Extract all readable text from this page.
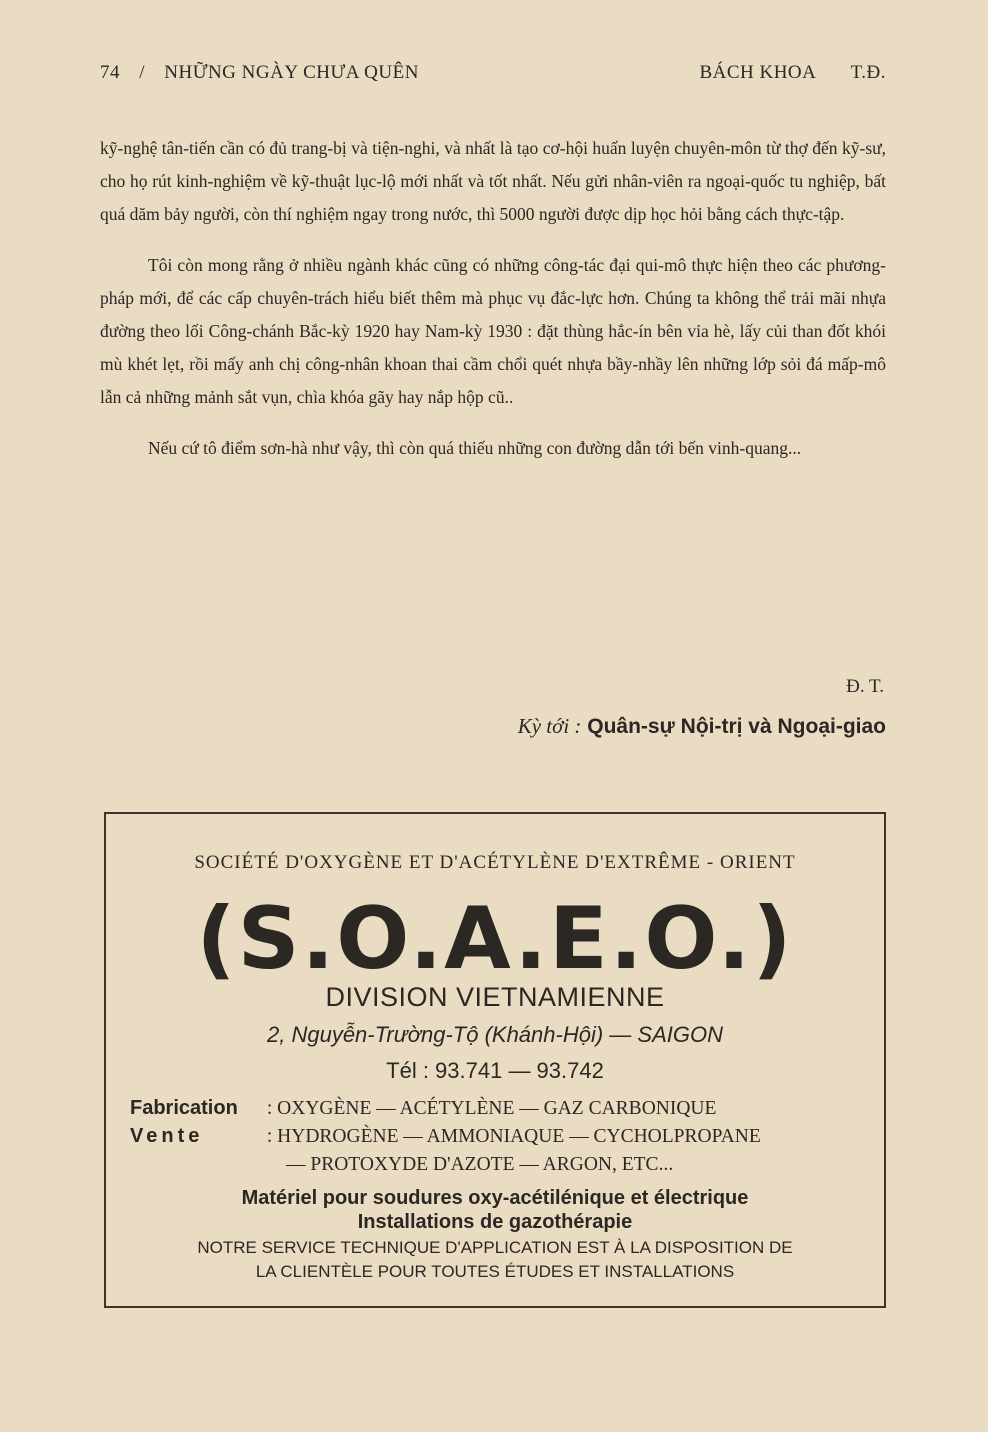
74 / NHỮNG NGÀY CHƯA QUÊN	BÁCH KHOA T.Đ.

kỹ-nghệ tân-tiến cần có đủ trang-bị và tiện-nghi, và nhất là tạo cơ-hội huấn luyện chuyên-môn từ thợ đến kỹ-sư, cho họ rút kinh-nghiệm về kỹ-thuật lục-lộ mới nhất và tốt nhất. Nếu gửi nhân-viên ra ngoại-quốc tu nghiệp, bất quá dăm bảy người, còn thí nghiệm ngay trong nước, thì 5000 người được dịp học hỏi bằng cách thực-tập.

Tôi còn mong rằng ở nhiều ngành khác cũng có những công-tác đại qui-mô thực hiện theo các phương-pháp mới, để các cấp chuyên-trách hiểu biết thêm mà phục vụ đắc-lực hơn. Chúng ta không thể trải mãi nhựa đường theo lối Công-chánh Bắc-kỳ 1920 hay Nam-kỳ 1930 : đặt thùng hắc-ín bên vỉa hè, lấy củi than đốt khói mù khét lẹt, rồi mấy anh chị công-nhân khoan thai cầm chổi quét nhựa bầy-nhầy lên những lớp sỏi đá mấp-mô lẫn cả những mảnh sắt vụn, chìa khóa gãy hay nắp hộp cũ..

Nếu cứ tô điểm sơn-hà như vậy, thì còn quá thiếu những con đường dẫn tới bến vinh-quang...

Đ. T.
Kỳ tới : Quân-sự Nội-trị và Ngoại-giao
SOCIÉTÉ D'OXYGÈNE ET D'ACÉTYLÈNE D'EXTRÊME - ORIENT
(S.O.A.E.O.)
DIVISION VIETNAMIENNE
2, Nguyễn-Trường-Tộ (Khánh-Hội) — SAIGON
Tél : 93.741 — 93.742
Fabrication : OXYGÈNE — ACÉTYLÈNE — GAZ CARBONIQUE
Vente	: HYDROGÈNE — AMMONIAQUE — CYCHOLPROPANE
— PROTOXYDE D'AZOTE — ARGON, ETC...
Matériel pour soudures oxy-acétilénique et électrique
Installations de gazothérapie
NOTRE SERVICE TECHNIQUE D'APPLICATION EST À LA DISPOSITION DE
LA CLIENTÈLE POUR TOUTES ÉTUDES ET INSTALLATIONS
